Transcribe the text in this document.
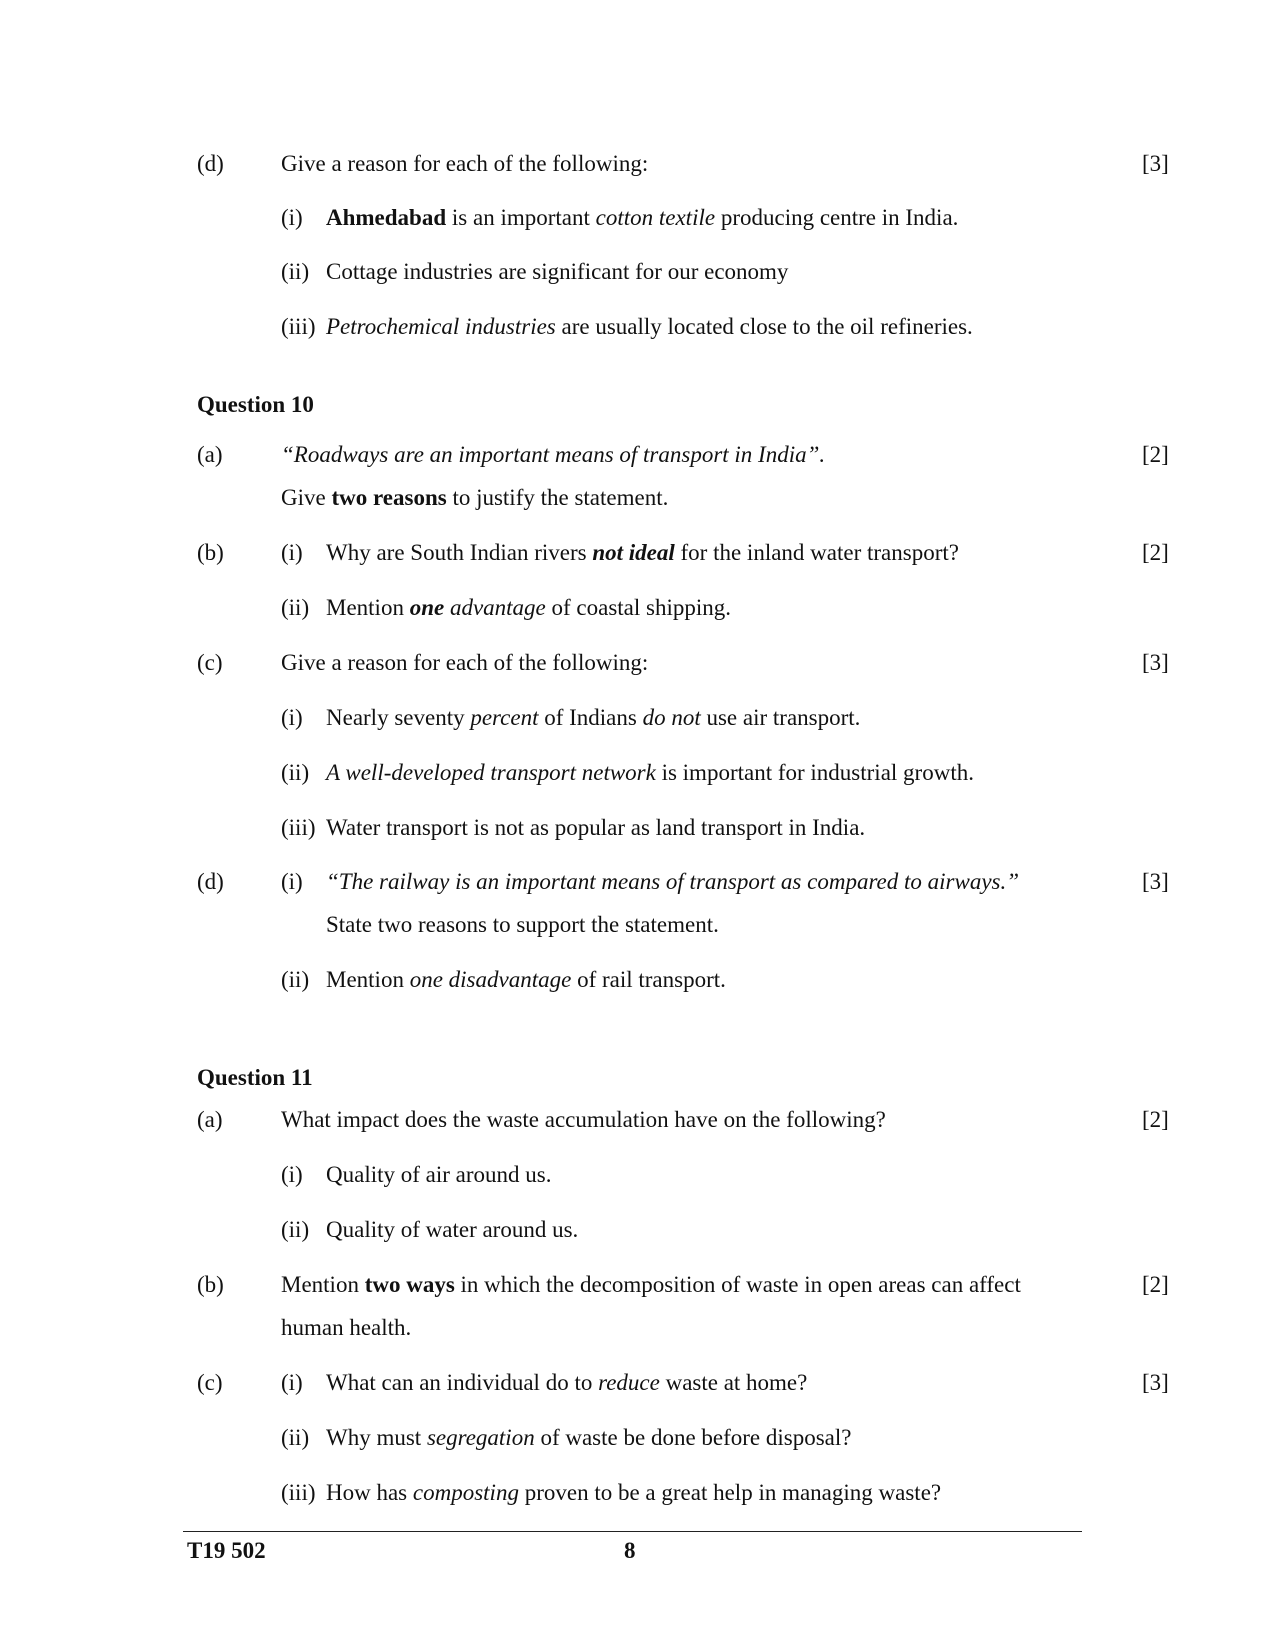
(d) Give a reason for each of the following:	[3]
(i) Ahmedabad is an important cotton textile producing centre in India.
(ii) Cottage industries are significant for our economy
(iii) Petrochemical industries are usually located close to the oil refineries.
Question 10
(a)	“Roadways are an important means of transport in India”.	[2]
Give two reasons to justify the statement.
(b) (i) Why are South Indian rivers not ideal for the inland water transport?	[2]
(ii) Mention one advantage of coastal shipping.
(c)	Give a reason for each of the following:	[3]
(i) Nearly seventy percent of Indians do not use air transport.
(ii) A well-developed transport network is important for industrial growth.
(iii) Water transport is not as popular as land transport in India.
(d) (i) “The railway is an important means of transport as compared to airways.”	[3]
State two reasons to support the statement.
(ii) Mention one disadvantage of rail transport.
Question 11
(a)	What impact does the waste accumulation have on the following?	[2]
(i) Quality of air around us.
(ii) Quality of water around us.
(b) Mention two ways in which the decomposition of waste in open areas can affect	[2]
human health.
(c)	(i) What can an individual do to reduce waste at home?	[3]
(ii) Why must segregation of waste be done before disposal?
(iii) How has composting proven to be a great help in managing waste?
T19 502	8
